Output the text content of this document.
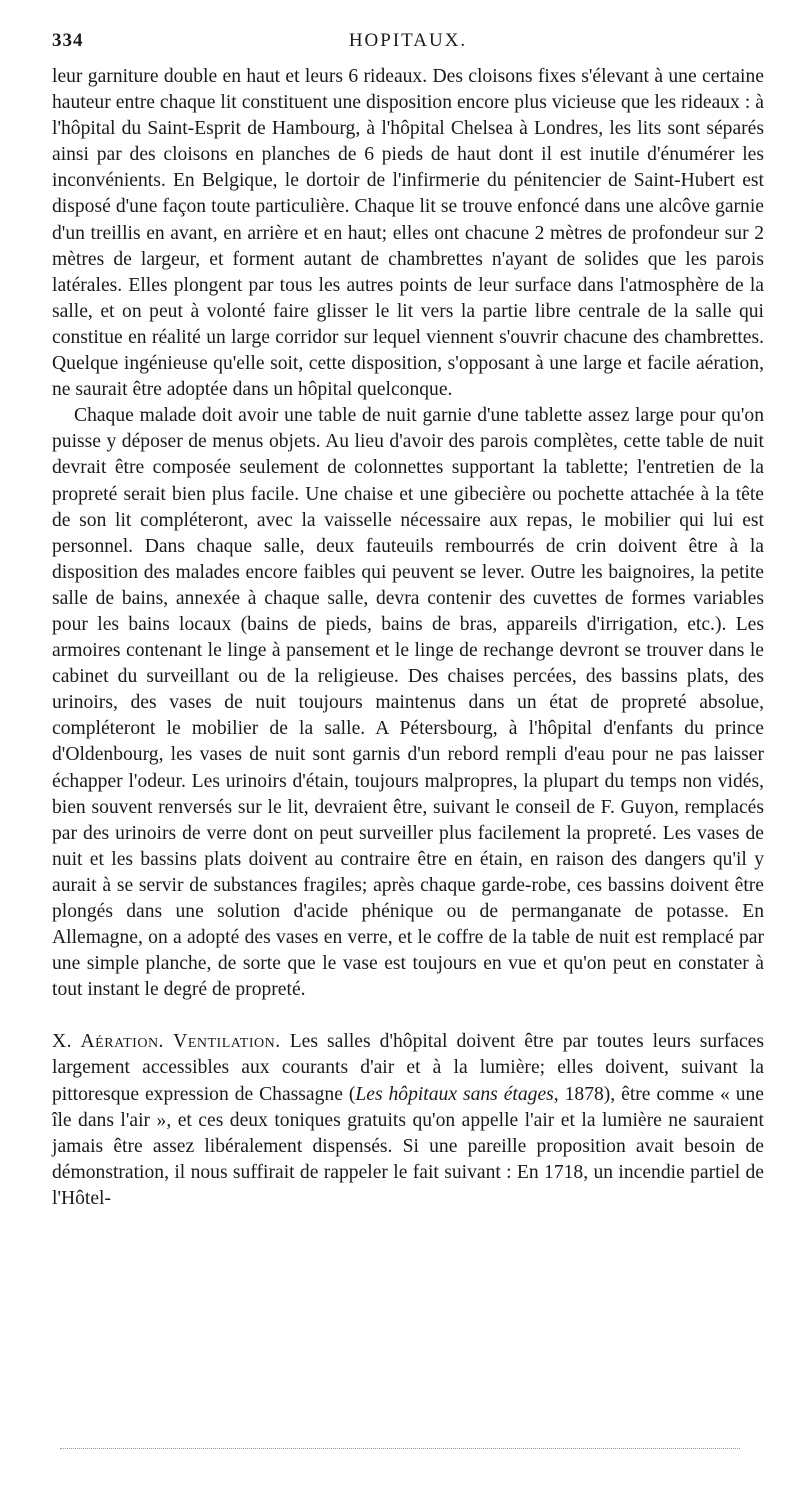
334	HOPITAUX.

leur garniture double en haut et leurs 6 rideaux. Des cloisons fixes s'élevant à une certaine hauteur entre chaque lit constituent une disposition encore plus vicieuse que les rideaux : à l'hôpital du Saint-Esprit de Hambourg, à l'hôpital Chelsea à Londres, les lits sont séparés ainsi par des cloisons en planches de 6 pieds de haut dont il est inutile d'énumérer les inconvénients. En Belgique, le dortoir de l'infirmerie du pénitencier de Saint-Hubert est disposé d'une façon toute particulière. Chaque lit se trouve enfoncé dans une alcôve garnie d'un treillis en avant, en arrière et en haut; elles ont chacune 2 mètres de profondeur sur 2 mètres de largeur, et forment autant de chambrettes n'ayant de solides que les parois latérales. Elles plongent par tous les autres points de leur surface dans l'atmosphère de la salle, et on peut à volonté faire glisser le lit vers la partie libre centrale de la salle qui constitue en réalité un large corridor sur lequel viennent s'ouvrir chacune des chambrettes. Quelque ingénieuse qu'elle soit, cette disposition, s'opposant à une large et facile aération, ne saurait être adoptée dans un hôpital quelconque.

Chaque malade doit avoir une table de nuit garnie d'une tablette assez large pour qu'on puisse y déposer de menus objets. Au lieu d'avoir des parois complètes, cette table de nuit devrait être composée seulement de colonnettes supportant la tablette; l'entretien de la propreté serait bien plus facile. Une chaise et une gibecière ou pochette attachée à la tête de son lit compléteront, avec la vaisselle nécessaire aux repas, le mobilier qui lui est personnel. Dans chaque salle, deux fauteuils rembourrés de crin doivent être à la disposition des malades encore faibles qui peuvent se lever. Outre les baignoires, la petite salle de bains, annexée à chaque salle, devra contenir des cuvettes de formes variables pour les bains locaux (bains de pieds, bains de bras, appareils d'irrigation, etc.). Les armoires contenant le linge à pansement et le linge de rechange devront se trouver dans le cabinet du surveillant ou de la religieuse. Des chaises percées, des bassins plats, des urinoirs, des vases de nuit toujours maintenus dans un état de propreté absolue, compléteront le mobilier de la salle. A Pétersbourg, à l'hôpital d'enfants du prince d'Oldenbourg, les vases de nuit sont garnis d'un rebord rempli d'eau pour ne pas laisser échapper l'odeur. Les urinoirs d'étain, toujours malpropres, la plupart du temps non vidés, bien souvent renversés sur le lit, devraient être, suivant le conseil de F. Guyon, remplacés par des urinoirs de verre dont on peut surveiller plus facilement la propreté. Les vases de nuit et les bassins plats doivent au contraire être en étain, en raison des dangers qu'il y aurait à se servir de substances fragiles; après chaque garde-robe, ces bassins doivent être plongés dans une solution d'acide phénique ou de permanganate de potasse. En Allemagne, on a adopté des vases en verre, et le coffre de la table de nuit est remplacé par une simple planche, de sorte que le vase est toujours en vue et qu'on peut en constater à tout instant le degré de propreté.

X. Aération. Ventilation. Les salles d'hôpital doivent être par toutes leurs surfaces largement accessibles aux courants d'air et à la lumière; elles doivent, suivant la pittoresque expression de Chassagne (Les hôpitaux sans étages, 1878), être comme « une île dans l'air », et ces deux toniques gratuits qu'on appelle l'air et la lumière ne sauraient jamais être assez libéralement dispensés. Si une pareille proposition avait besoin de démonstration, il nous suffirait de rappeler le fait suivant : En 1718, un incendie partiel de l'Hôtel-
